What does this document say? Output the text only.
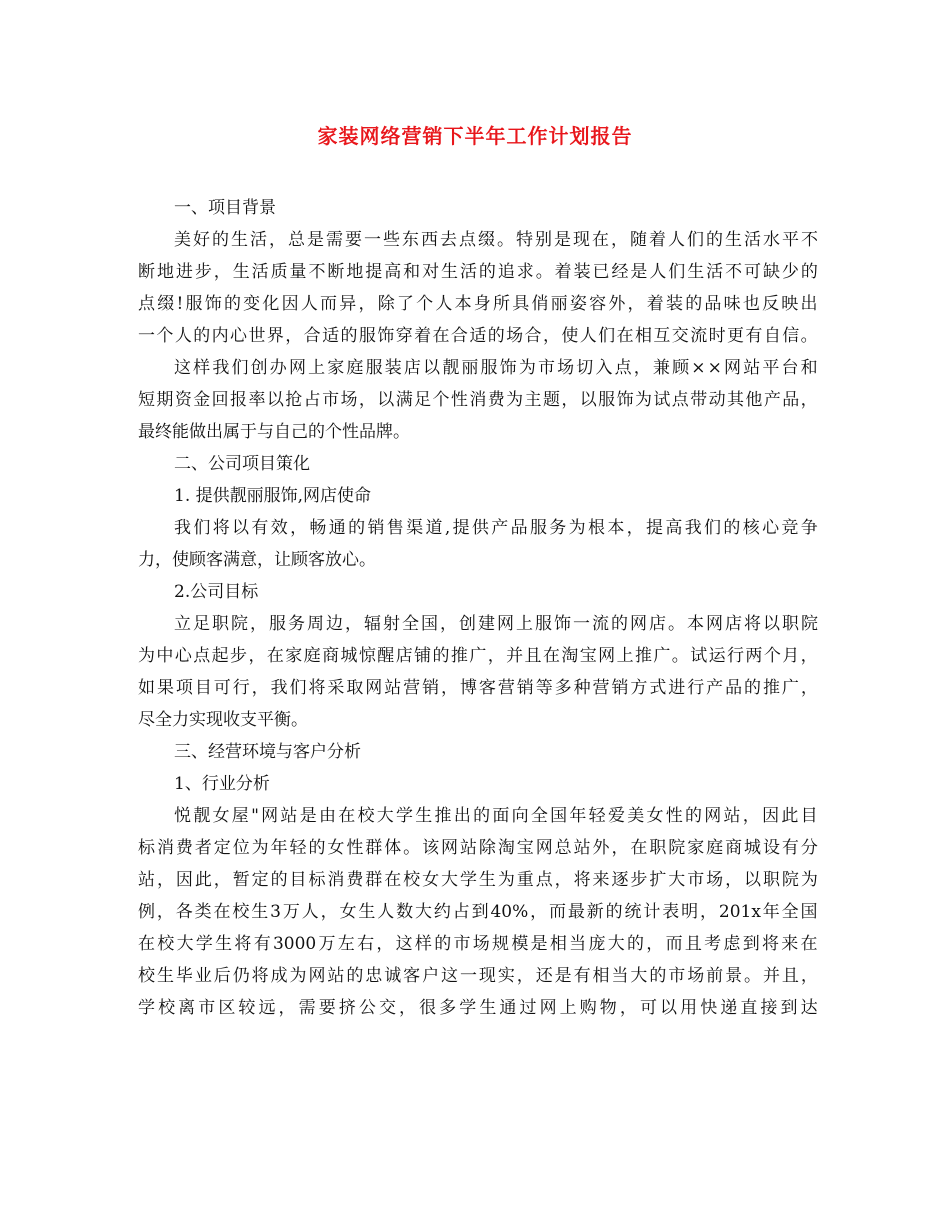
家装网络营销下半年工作计划报告
一、项目背景
美 好 的 生 活 ， 总 是 需 要 一 些 东 西 去 点 缀 。 特 别 是 现 在 ， 随 着 人 们 的 生 活 水 平 不
断 地 进 步 ， 生 活 质 量 不 断 地 提 高 和 对 生 活 的 追 求 。 着 装 已 经 是 人 们 生 活 不 可 缺 少 的
点 缀 ! 服 饰 的 变 化 因 人 而 异 ， 除 了 个 人 本 身 所 具 俏 丽 姿 容 外 ， 着 装 的 品 味 也 反 映 出
一 个 人 的 内 心 世 界 ， 合 适 的 服 饰 穿 着 在 合 适 的 场 合 ， 使 人 们 在 相 互 交 流 时 更 有 自 信 。
这 样 我 们 创 办 网 上 家 庭 服 装 店 以 靓 丽 服 饰 为 市 场 切 入 点 ， 兼 顾 × × 网 站 平 台 和
短 期 资 金 回 报 率 以 抢 占 市 场 ， 以 满 足 个 性 消 费 为 主 题 ， 以 服 饰 为 试 点 带 动 其 他 产 品 ，
最终能做出属于与自己的个性品牌。
二、公司项目策化
1. 提供靓丽服饰,网店使命
我 们 将 以 有 效 ， 畅 通 的 销 售 渠 道 , 提 供 产 品 服 务 为 根 本 ， 提 高 我 们 的 核 心 竞 争
力，使顾客满意，让顾客放心。
2.公司目标
立 足 职 院 ， 服 务 周 边 ， 辐 射 全 国 ， 创 建 网 上 服 饰 一 流 的 网 店 。 本 网 店 将 以 职 院
为 中 心 点 起 步 ， 在 家 庭 商 城 惊 醒 店 铺 的 推 广 ， 并 且 在 淘 宝 网 上 推 广 。 试 运 行 两 个 月 ，
如 果 项 目 可 行 ， 我 们 将 采 取 网 站 营 销 ， 博 客 营 销 等 多 种 营 销 方 式 进 行 产 品 的 推 广 ，
尽全力实现收支平衡。
三、经营环境与客户分析
1、行业分析
悦 靓 女 屋 " 网 站 是 由 在 校 大 学 生 推 出 的 面 向 全 国 年 轻 爱 美 女 性 的 网 站 ， 因 此 目
标 消 费 者 定 位 为 年 轻 的 女 性 群 体 。 该 网 站 除 淘 宝 网 总 站 外 ， 在 职 院 家 庭 商 城 设 有 分
站 ， 因 此 ， 暂 定 的 目 标 消 费 群 在 校 女 大 学 生 为 重 点 ， 将 来 逐 步 扩 大 市 场 ， 以 职 院 为
例 ， 各 类 在 校 生 3 万 人 ， 女 生 人 数 大 约 占 到 40% ， 而 最 新 的 统 计 表 明 ， 201x 年 全 国
在 校 大 学 生 将 有 3000 万 左 右 ， 这 样 的 市 场 规 模 是 相 当 庞 大 的 ， 而 且 考 虑 到 将 来 在
校 生 毕 业 后 仍 将 成 为 网 站 的 忠 诚 客 户 这 一 现 实 ， 还 是 有 相 当 大 的 市 场 前 景 。 并 且 ，
学 校 离 市 区 较 远 ， 需 要 挤 公 交 ， 很 多 学 生 通 过 网 上 购 物 ， 可 以 用 快 递 直 接 到 达
